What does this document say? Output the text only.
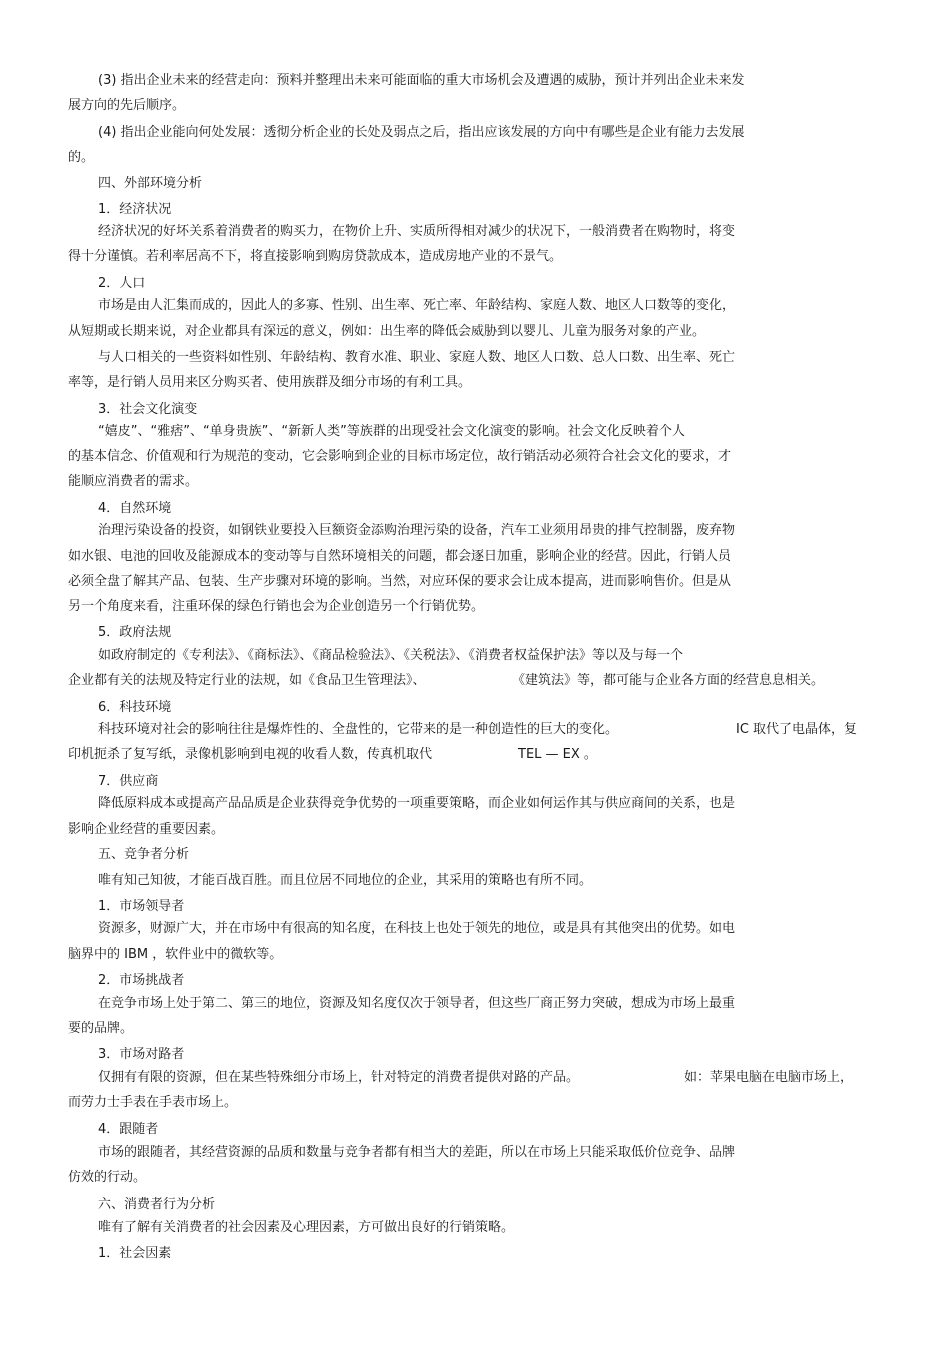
(3) 指出企业未来的经营走向：预料并整理出未来可能面临的重大市场机会及遭遇的威胁，预计并列出企业未来发
展方向的先后顺序。
(4) 指出企业能向何处发展：透彻分析企业的长处及弱点之后，指出应该发展的方向中有哪些是企业有能力去发展
的。
四、外部环境分析
1．经济状况
经济状况的好坏关系着消费者的购买力，在物价上升、实质所得相对减少的状况下，一般消费者在购物时，将变
得十分谨慎。若利率居高不下，将直接影响到购房贷款成本，造成房地产业的不景气。
2．人口
市场是由人汇集而成的，因此人的多寡、性别、出生率、死亡率、年龄结构、家庭人数、地区人口数等的变化，
从短期或长期来说，对企业都具有深远的意义，例如：出生率的降低会威胁到以婴儿、儿童为服务对象的产业。
与人口相关的一些资料如性别、年龄结构、教育水准、职业、家庭人数、地区人口数、总人口数、出生率、死亡
率等，是行销人员用来区分购买者、使用族群及细分市场的有利工具。
3．社会文化演变
“嬉皮”、“雅痞”、“单身贵族”、“新新人类”等族群的出现受社会文化演变的影响。社会文化反映着个人
的基本信念、价值观和行为规范的变动，它会影响到企业的目标市场定位，故行销活动必须符合社会文化的要求，才
能顺应消费者的需求。
4．自然环境
治理污染设备的投资，如钢铁业要投入巨额资金添购治理污染的设备，汽车工业须用昂贵的排气控制器，废弃物
如水银、电池的回收及能源成本的变动等与自然环境相关的问题，都会逐日加重，影响企业的经营。因此，行销人员
必须全盘了解其产品、包装、生产步骤对环境的影响。当然，对应环保的要求会让成本提高，进而影响售价。但是从
另一个角度来看，注重环保的绿色行销也会为企业创造另一个行销优势。
5．政府法规
如政府制定的《专利法》、《商标法》、《商品检验法》、《关税法》、《消费者权益保护法》等以及与每一个
企业都有关的法规及特定行业的法规，如《食品卫生管理法》、	《建筑法》等，都可能与企业各方面的经营息息相关。
6．科技环境
科技环境对社会的影响往往是爆炸性的、全盘性的，它带来的是一种创造性的巨大的变化。	IC 取代了电晶体，复
印机扼杀了复写纸，录像机影响到电视的收看人数，传真机取代	TEL — EX 。
7．供应商
降低原料成本或提高产品品质是企业获得竞争优势的一项重要策略，而企业如何运作其与供应商间的关系，也是
影响企业经营的重要因素。
五、竞争者分析
唯有知己知彼，才能百战百胜。而且位居不同地位的企业，其采用的策略也有所不同。
1．市场领导者
资源多，财源广大，并在市场中有很高的知名度，在科技上也处于领先的地位，或是具有其他突出的优势。如电
脑界中的 IBM ，软件业中的微软等。
2．市场挑战者
在竞争市场上处于第二、第三的地位，资源及知名度仅次于领导者，但这些厂商正努力突破，想成为市场上最重
要的品牌。
3．市场对路者
仅拥有有限的资源，但在某些特殊细分市场上，针对特定的消费者提供对路的产品。	如：苹果电脑在电脑市场上，
而劳力士手表在手表市场上。
4．跟随者
市场的跟随者，其经营资源的品质和数量与竞争者都有相当大的差距，所以在市场上只能采取低价位竞争、品牌
仿效的行动。
六、消费者行为分析
唯有了解有关消费者的社会因素及心理因素，方可做出良好的行销策略。
1．社会因素
